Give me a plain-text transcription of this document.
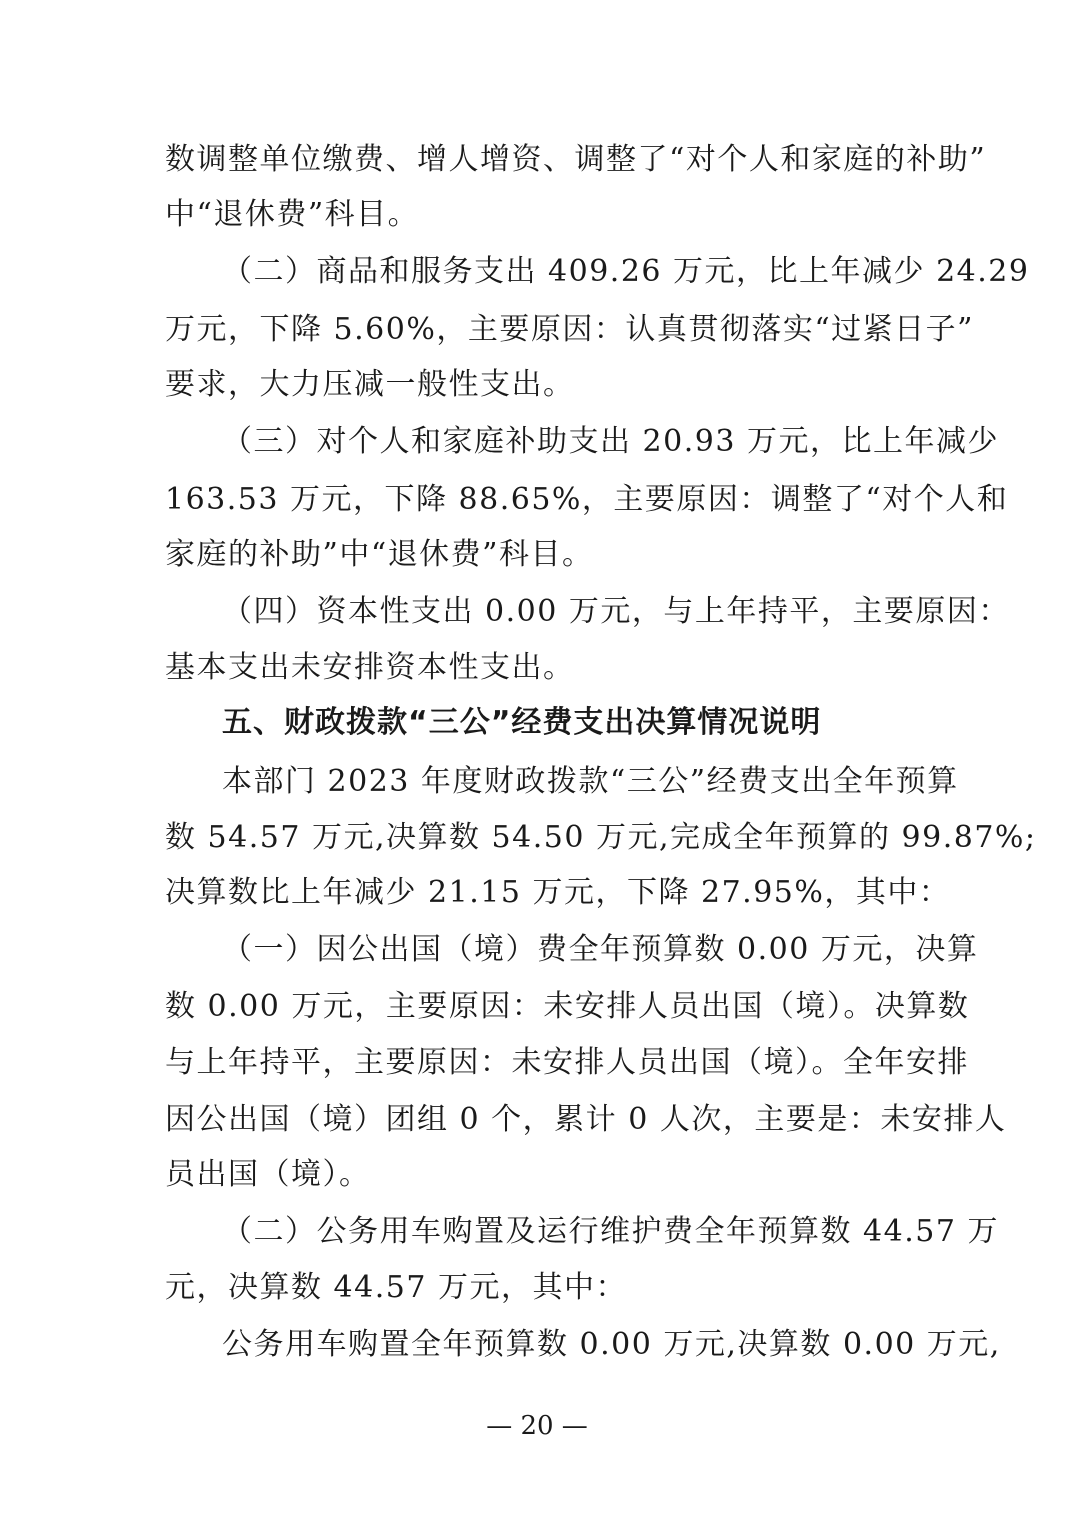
数调整单位缴费、增人增资、调整了“对个人和家庭的补助”
中“退休费”科目。
（二）商品和服务支出 409.26 万元，比上年减少 24.29
万元，下降 5.60%，主要原因：认真贯彻落实“过紧日子”
要求，大力压减一般性支出。
（三）对个人和家庭补助支出 20.93 万元，比上年减少
163.53 万元，下降 88.65%，主要原因：调整了“对个人和
家庭的补助”中“退休费”科目。
（四）资本性支出 0.00 万元，与上年持平，主要原因：
基本支出未安排资本性支出。
五、财政拨款“三公”经费支出决算情况说明
本部门 2023 年度财政拨款“三公”经费支出全年预算
数 54.57 万元,决算数 54.50 万元,完成全年预算的 99.87%;
决算数比上年减少 21.15 万元，下降 27.95%，其中：
（一）因公出国（境）费全年预算数 0.00 万元，决算
数 0.00 万元，主要原因：未安排人员出国（境）。决算数
与上年持平，主要原因：未安排人员出国（境）。全年安排
因公出国（境）团组 0 个，累计 0 人次，主要是：未安排人
员出国（境）。
（二）公务用车购置及运行维护费全年预算数 44.57 万
元，决算数 44.57 万元，其中：
公务用车购置全年预算数 0.00 万元,决算数 0.00 万元,
— 20 —
